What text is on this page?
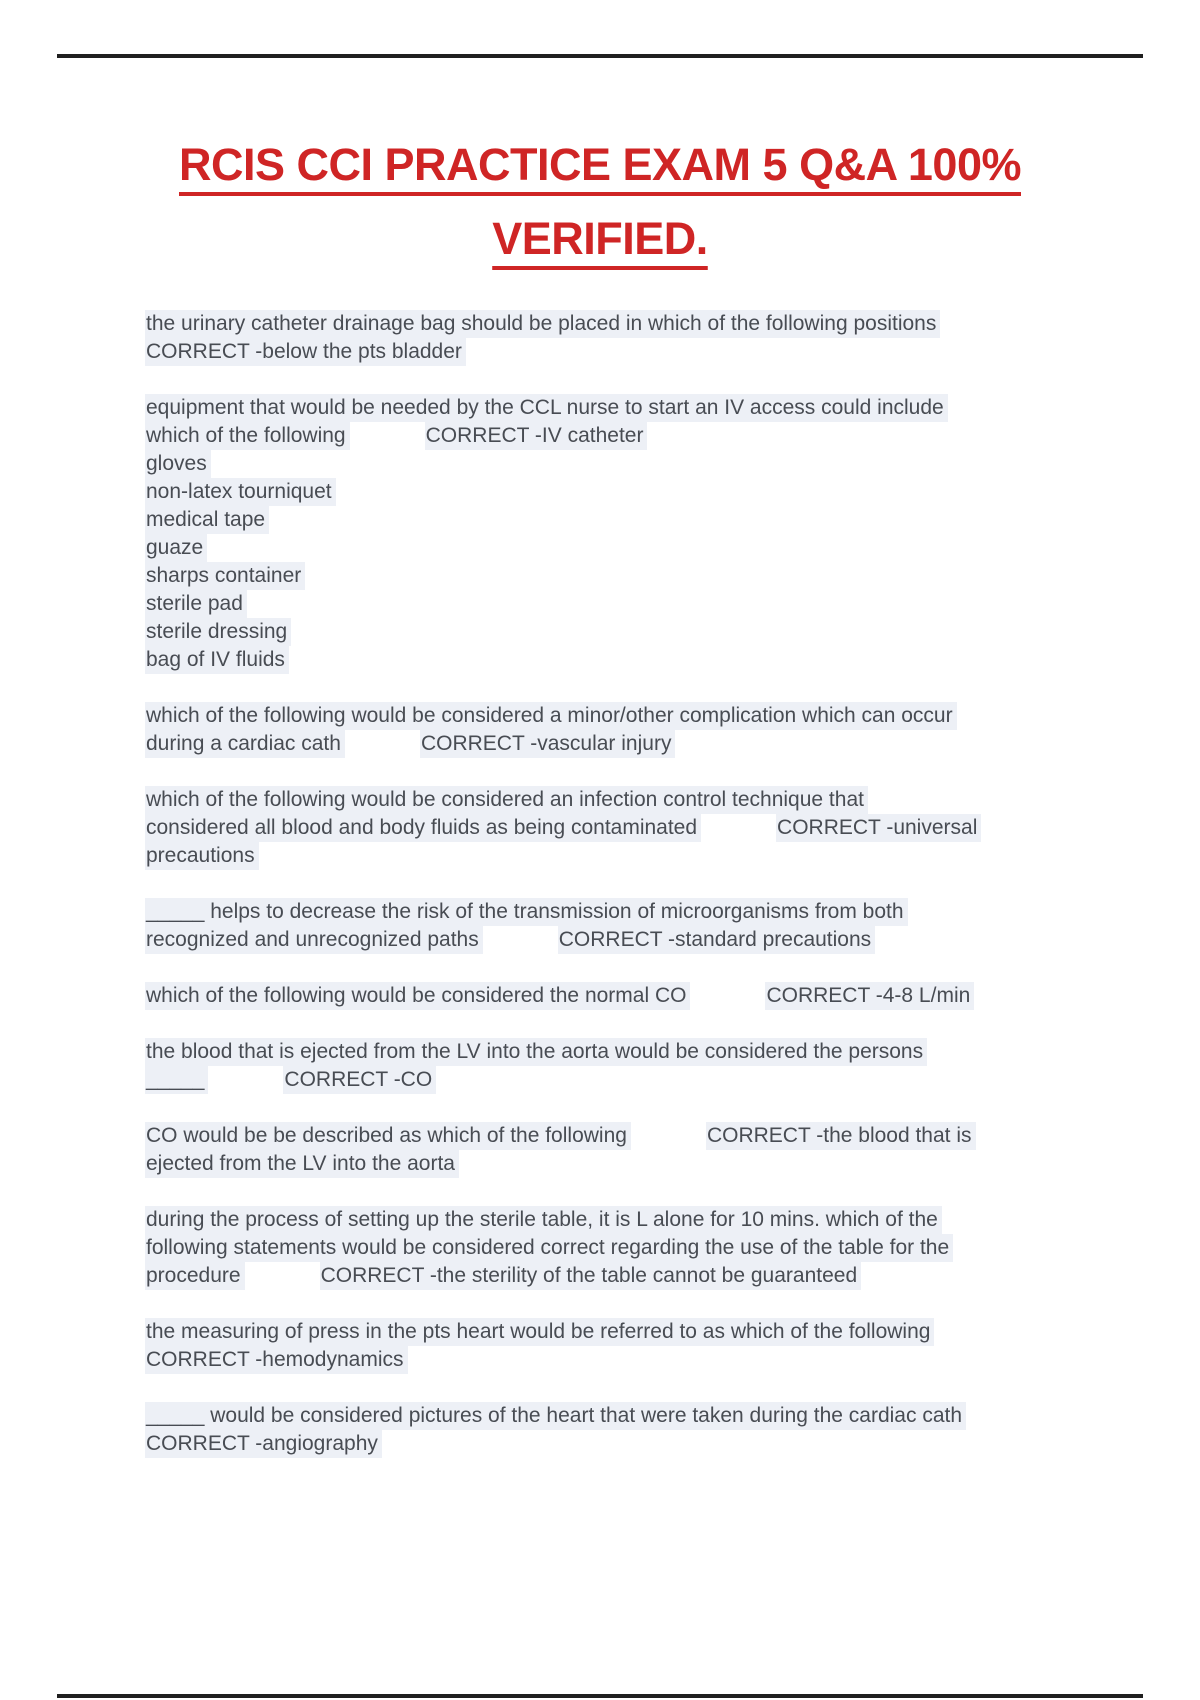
RCIS CCI PRACTICE EXAM 5 Q&A 100%
VERIFIED.
the urinary catheter drainage bag should be placed in which of the following positions
CORRECT -below the pts bladder
equipment that would be needed by the CCL nurse to start an IV access could include
which of the following	CORRECT -IV catheter
gloves
non-latex tourniquet
medical tape
guaze
sharps container
sterile pad
sterile dressing
bag of IV fluids
which of the following would be considered a minor/other complication which can occur
during a cardiac cath	CORRECT -vascular injury
which of the following would be considered an infection control technique that
considered all blood and body fluids as being contaminated	CORRECT -universal
precautions
_____ helps to decrease the risk of the transmission of microorganisms from both
recognized and unrecognized paths	CORRECT -standard precautions
which of the following would be considered the normal CO	CORRECT -4-8 L/min
the blood that is ejected from the LV into the aorta would be considered the persons
_____	CORRECT -CO
CO would be be described as which of the following	CORRECT -the blood that is
ejected from the LV into the aorta
during the process of setting up the sterile table, it is L alone for 10 mins. which of the
following statements would be considered correct regarding the use of the table for the
procedure	CORRECT -the sterility of the table cannot be guaranteed
the measuring of press in the pts heart would be referred to as which of the following
CORRECT -hemodynamics
_____ would be considered pictures of the heart that were taken during the cardiac cath
CORRECT -angiography
